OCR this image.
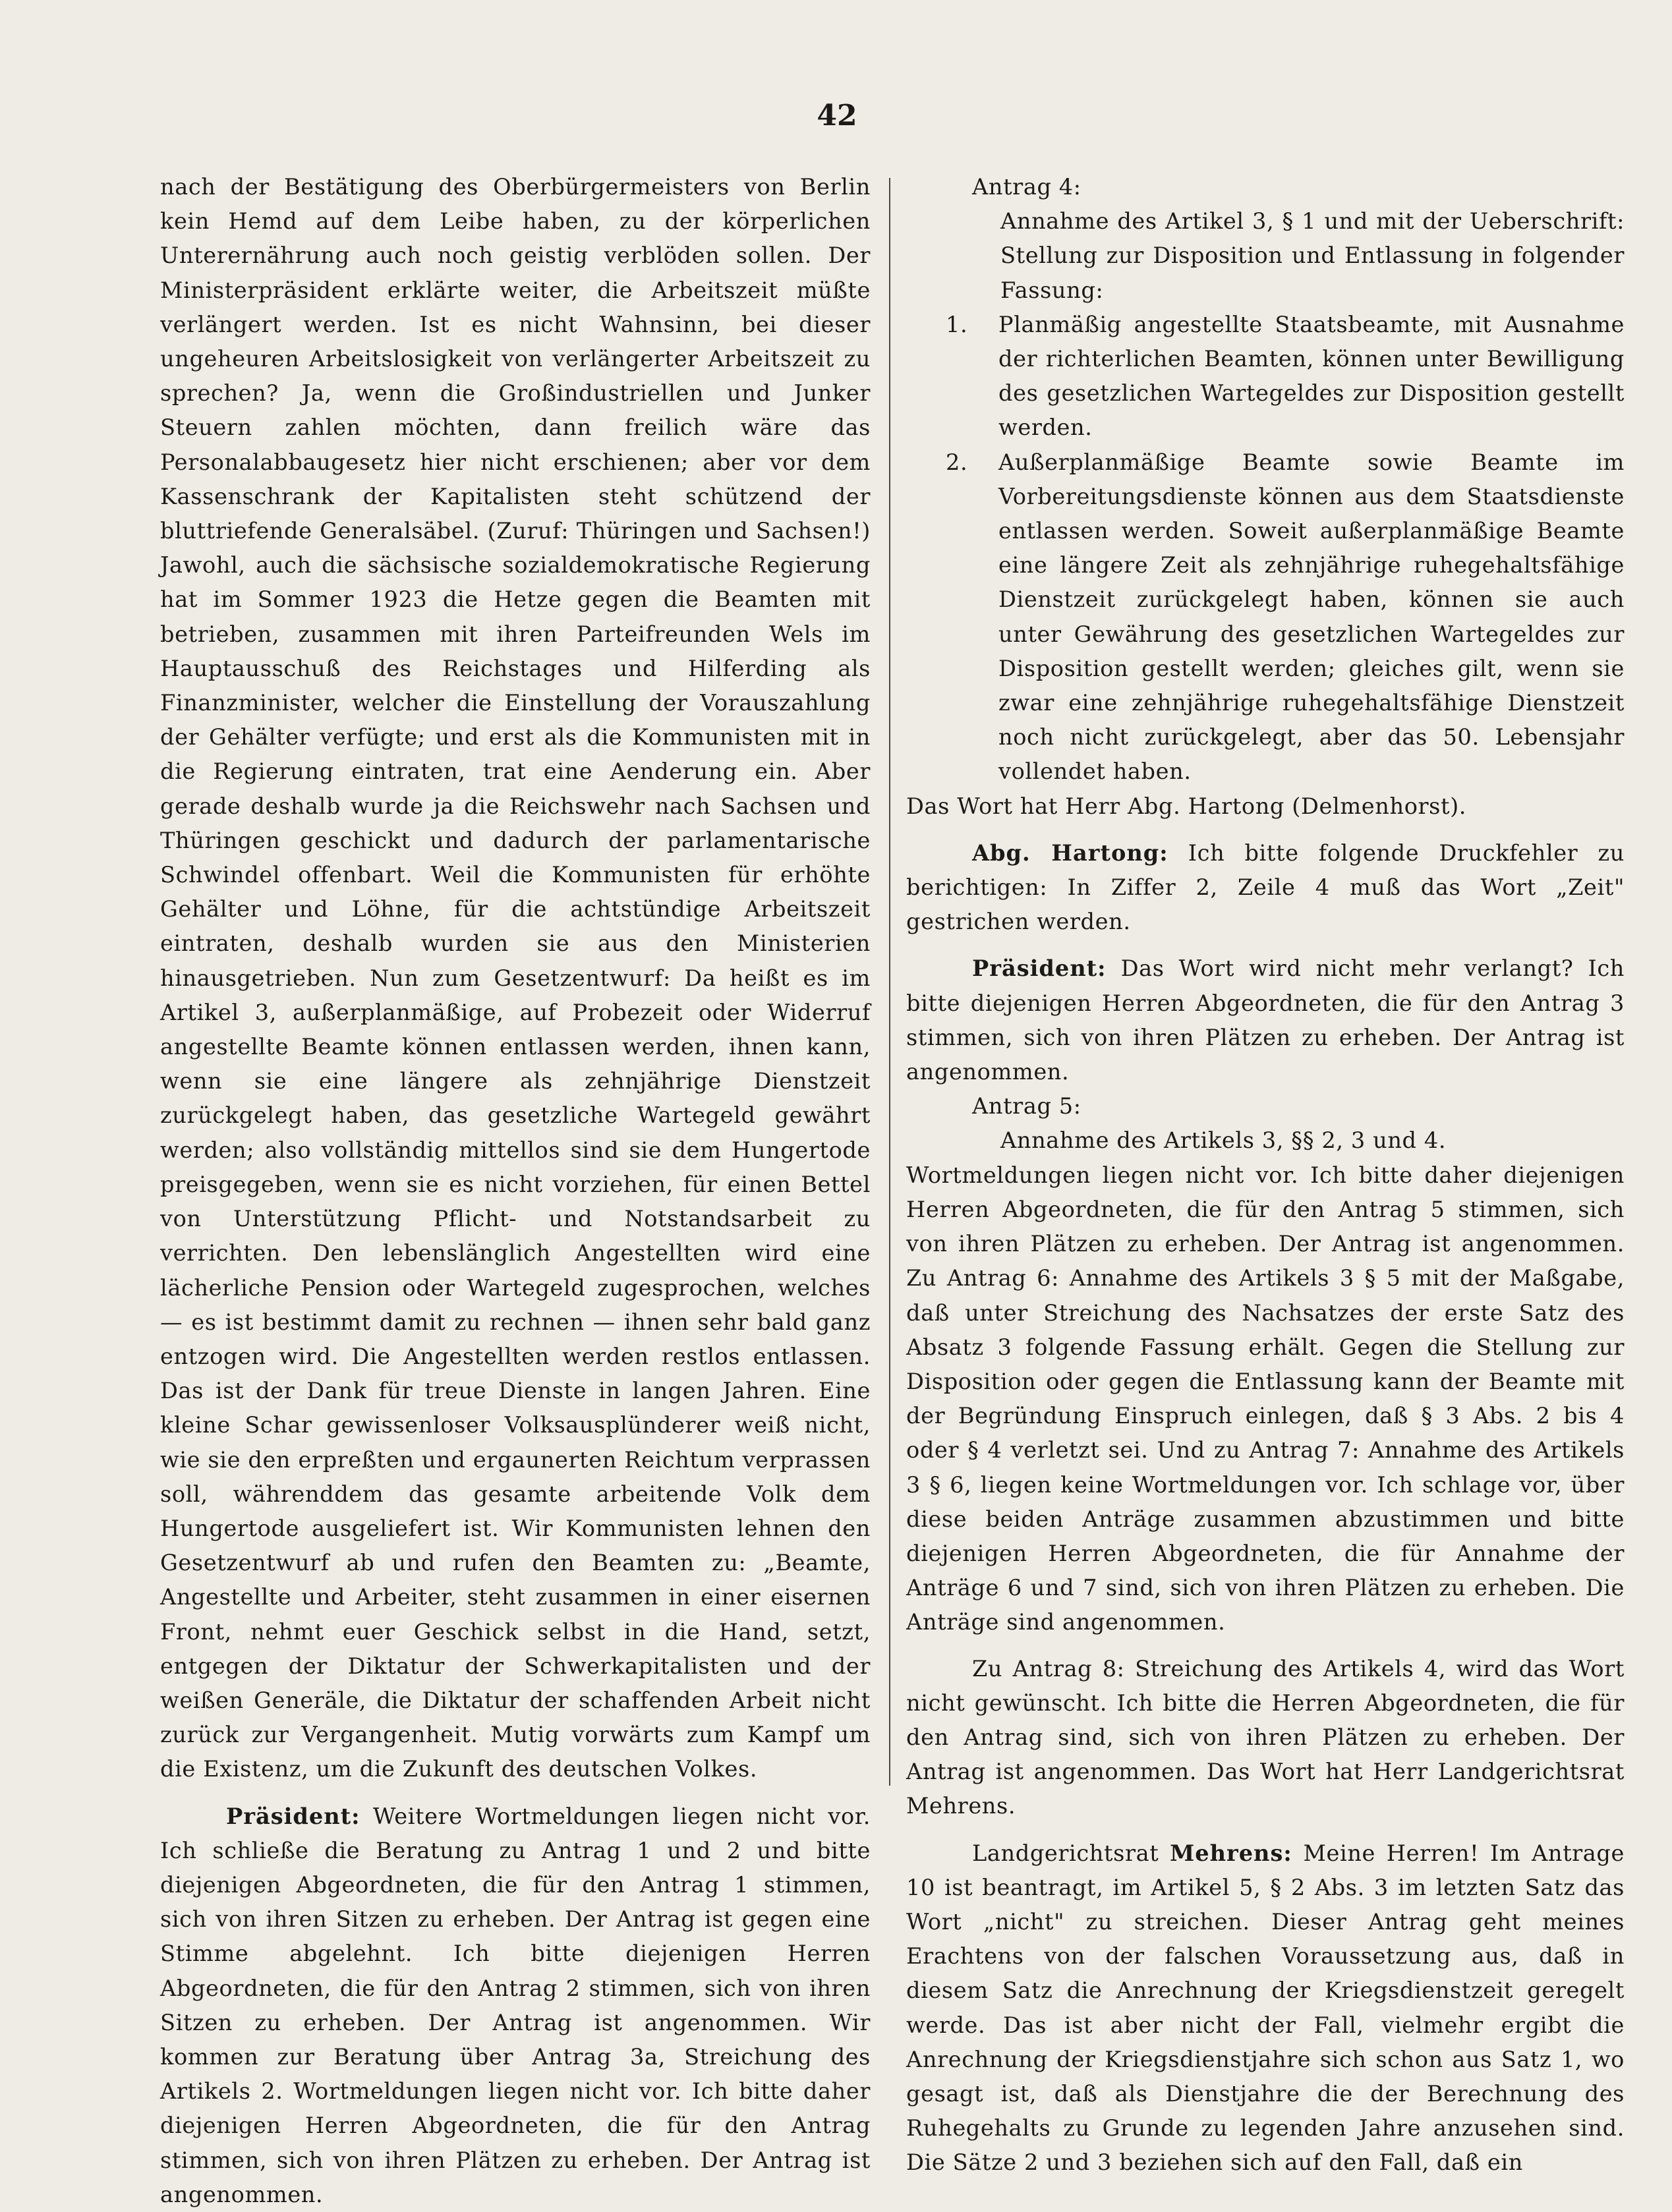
42

nach der Bestätigung des Oberbürgermeisters von Berlin kein Hemd auf dem Leibe haben, zu der körperlichen Unterernährung auch noch geistig verblöden sollen. Der Ministerpräsident erklärte weiter, die Arbeitszeit müßte verlängert werden. Ist es nicht Wahnsinn, bei dieser ungeheuren Arbeitslosigkeit von verlängerter Arbeitszeit zu sprechen? Ja, wenn die Großindustriellen und Junker Steuern zahlen möchten, dann freilich wäre das Personalabbaugesetz hier nicht erschienen; aber vor dem Kassenschrank der Kapitalisten steht schützend der bluttriefende Generalsäbel. (Zuruf: Thüringen und Sachsen!) Jawohl, auch die sächsische sozialdemokratische Regierung hat im Sommer 1923 die Hetze gegen die Beamten mit betrieben, zusammen mit ihren Parteifreunden Wels im Hauptausschuß des Reichstages und Hilferding als Finanzminister, welcher die Einstellung der Vorauszahlung der Gehälter verfügte; und erst als die Kommunisten mit in die Regierung eintraten, trat eine Aenderung ein. Aber gerade deshalb wurde ja die Reichswehr nach Sachsen und Thüringen geschickt und dadurch der parlamentarische Schwindel offenbart. Weil die Kommunisten für erhöhte Gehälter und Löhne, für die achtstündige Arbeitszeit eintraten, deshalb wurden sie aus den Ministerien hinausgetrieben. Nun zum Gesetzentwurf: Da heißt es im Artikel 3, außerplanmäßige, auf Probezeit oder Widerruf angestellte Beamte können entlassen werden, ihnen kann, wenn sie eine längere als zehnjährige Dienstzeit zurückgelegt haben, das gesetzliche Wartegeld gewährt werden; also vollständig mittellos sind sie dem Hungertode preisgegeben, wenn sie es nicht vorziehen, für einen Bettel von Unterstützung Pflicht- und Notstandsarbeit zu verrichten. Den lebenslänglich Angestellten wird eine lächerliche Pension oder Wartegeld zugesprochen, welches — es ist bestimmt damit zu rechnen — ihnen sehr bald ganz entzogen wird. Die Angestellten werden restlos entlassen. Das ist der Dank für treue Dienste in langen Jahren. Eine kleine Schar gewissenloser Volksausplünderer weiß nicht, wie sie den erpreßten und ergaunerten Reichtum verprassen soll, währenddem das gesamte arbeitende Volk dem Hungertode ausgeliefert ist. Wir Kommunisten lehnen den Gesetzentwurf ab und rufen den Beamten zu: „Beamte, Angestellte und Arbeiter, steht zusammen in einer eisernen Front, nehmt euer Geschick selbst in die Hand, setzt, entgegen der Diktatur der Schwerkapitalisten und der weißen Generäle, die Diktatur der schaffenden Arbeit nicht zurück zur Vergangenheit. Mutig vorwärts zum Kampf um die Existenz, um die Zukunft des deutschen Volkes.

Präsident: Weitere Wortmeldungen liegen nicht vor. Ich schließe die Beratung zu Antrag 1 und 2 und bitte diejenigen Abgeordneten, die für den Antrag 1 stimmen, sich von ihren Sitzen zu erheben. Der Antrag ist gegen eine Stimme abgelehnt. Ich bitte diejenigen Herren Abgeordneten, die für den Antrag 2 stimmen, sich von ihren Sitzen zu erheben. Der Antrag ist angenommen. Wir kommen zur Beratung über Antrag 3a, Streichung des Artikels 2. Wortmeldungen liegen nicht vor. Ich bitte daher diejenigen Herren Abgeordneten, die für den Antrag stimmen, sich von ihren Plätzen zu erheben. Der Antrag ist angenommen.

Antrag 4:

Annahme des Artikel 3, § 1 und mit der Ueberschrift: Stellung zur Disposition und Entlassung in folgender Fassung:

1.	Planmäßig angestellte Staatsbeamte, mit Ausnahme der richterlichen Beamten, können unter Bewilligung des gesetzlichen Wartegeldes zur Disposition gestellt werden.
2.	Außerplanmäßige Beamte sowie Beamte im Vorbereitungsdienste können aus dem Staatsdienste entlassen werden. Soweit außerplanmäßige Beamte eine längere Zeit als zehnjährige ruhegehaltsfähige Dienstzeit zurückgelegt haben, können sie auch unter Gewährung des gesetzlichen Wartegeldes zur Disposition gestellt werden; gleiches gilt, wenn sie zwar eine zehnjährige ruhegehaltsfähige Dienstzeit noch nicht zurückgelegt, aber das 50. Lebensjahr vollendet haben.

Das Wort hat Herr Abg. Hartong (Delmenhorst).

Abg. Hartong: Ich bitte folgende Druckfehler zu berichtigen: In Ziffer 2, Zeile 4 muß das Wort „Zeit" gestrichen werden.

Präsident: Das Wort wird nicht mehr verlangt? Ich bitte diejenigen Herren Abgeordneten, die für den Antrag 3 stimmen, sich von ihren Plätzen zu erheben. Der Antrag ist angenommen.

Antrag 5:

Annahme des Artikels 3, §§ 2, 3 und 4.

Wortmeldungen liegen nicht vor. Ich bitte daher diejenigen Herren Abgeordneten, die für den Antrag 5 stimmen, sich von ihren Plätzen zu erheben. Der Antrag ist angenommen. Zu Antrag 6: Annahme des Artikels 3 § 5 mit der Maßgabe, daß unter Streichung des Nachsatzes der erste Satz des Absatz 3 folgende Fassung erhält. Gegen die Stellung zur Disposition oder gegen die Entlassung kann der Beamte mit der Begründung Einspruch einlegen, daß § 3 Abs. 2 bis 4 oder § 4 verletzt sei. Und zu Antrag 7: Annahme des Artikels 3 § 6, liegen keine Wortmeldungen vor. Ich schlage vor, über diese beiden Anträge zusammen abzustimmen und bitte diejenigen Herren Abgeordneten, die für Annahme der Anträge 6 und 7 sind, sich von ihren Plätzen zu erheben. Die Anträge sind angenommen.

Zu Antrag 8: Streichung des Artikels 4, wird das Wort nicht gewünscht. Ich bitte die Herren Abgeordneten, die für den Antrag sind, sich von ihren Plätzen zu erheben. Der Antrag ist angenommen. Das Wort hat Herr Landgerichtsrat Mehrens.

Landgerichtsrat Mehrens: Meine Herren! Im Antrage 10 ist beantragt, im Artikel 5, § 2 Abs. 3 im letzten Satz das Wort „nicht" zu streichen. Dieser Antrag geht meines Erachtens von der falschen Voraussetzung aus, daß in diesem Satz die Anrechnung der Kriegsdienstzeit geregelt werde. Das ist aber nicht der Fall, vielmehr ergibt die Anrechnung der Kriegsdienstjahre sich schon aus Satz 1, wo gesagt ist, daß als Dienstjahre die der Berechnung des Ruhegehalts zu Grunde zu legenden Jahre anzusehen sind. Die Sätze 2 und 3 beziehen sich auf den Fall, daß ein
